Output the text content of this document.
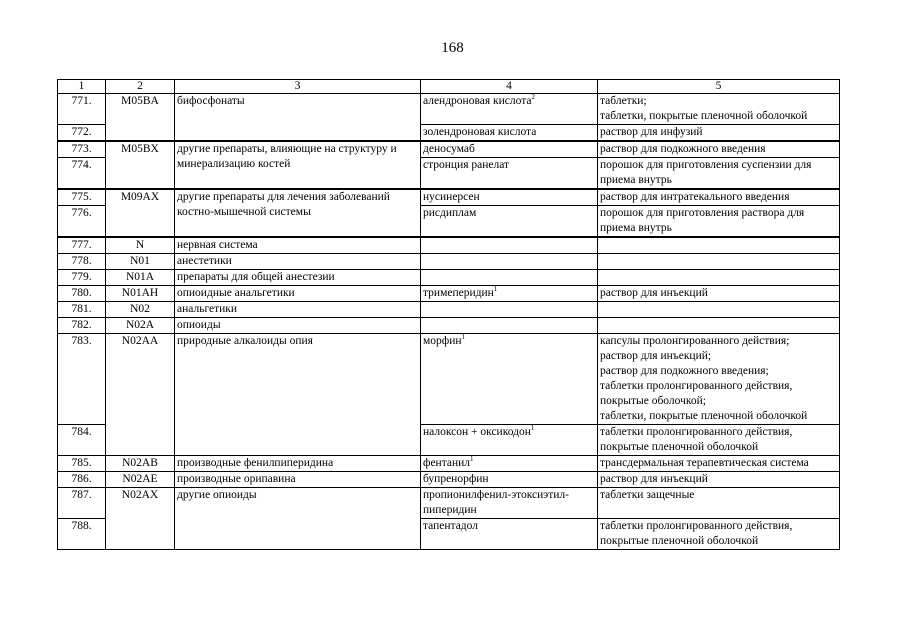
168
1	2	3	4	5
771.	M05BA	бифосфонаты	алендроновая кислота$^2$	таблетки;
таблетки, покрытые пленочной оболочкой

772.			золендроновая кислота	раствор для инфузий

773.	M05BX	другие препараты, влияющие на структуру и минерализацию костей	деносумаб	раствор для подкожного введения

774.			стронция ранелат	порошок для приготовления суспензии для приема внутрь

775.	M09AX	другие препараты для лечения заболеваний костно-мышечной системы	нусинерсен	раствор для интратекального введения

776.			рисдиплам	порошок для приготовления раствора для приема внутрь

777.	N	нервная система		
778.	N01	анестетики		
779.	N01A	препараты для общей анестезии		
780.	N01AH	опиоидные анальгетики	тримеперидин$^1$	раствор для инъекций

781.	N02	анальгетики		
782.	N02A	опиоиды		
783.	N02AA	природные алкалоиды опия	морфин$^1$	капсулы пролонгированного действия;
раствор для инъекций;
раствор для подкожного введения;
таблетки пролонгированного действия, покрытые оболочкой;
таблетки, покрытые пленочной оболочкой

784.			налоксон + оксикодон$^1$	таблетки пролонгированного действия, покрытые пленочной оболочкой

785.	N02AB	производные фенилпиперидина	фентанил$^1$	трансдермальная терапевтическая система

786.	N02AE	производные орипавина	бупренорфин	раствор для инъекций

787.	N02AX	другие опиоиды	пропионилфенил-этоксиэтил-пиперидин	таблетки защечные

788.			тапентадол	таблетки пролонгированного действия, покрытые пленочной оболочкой
